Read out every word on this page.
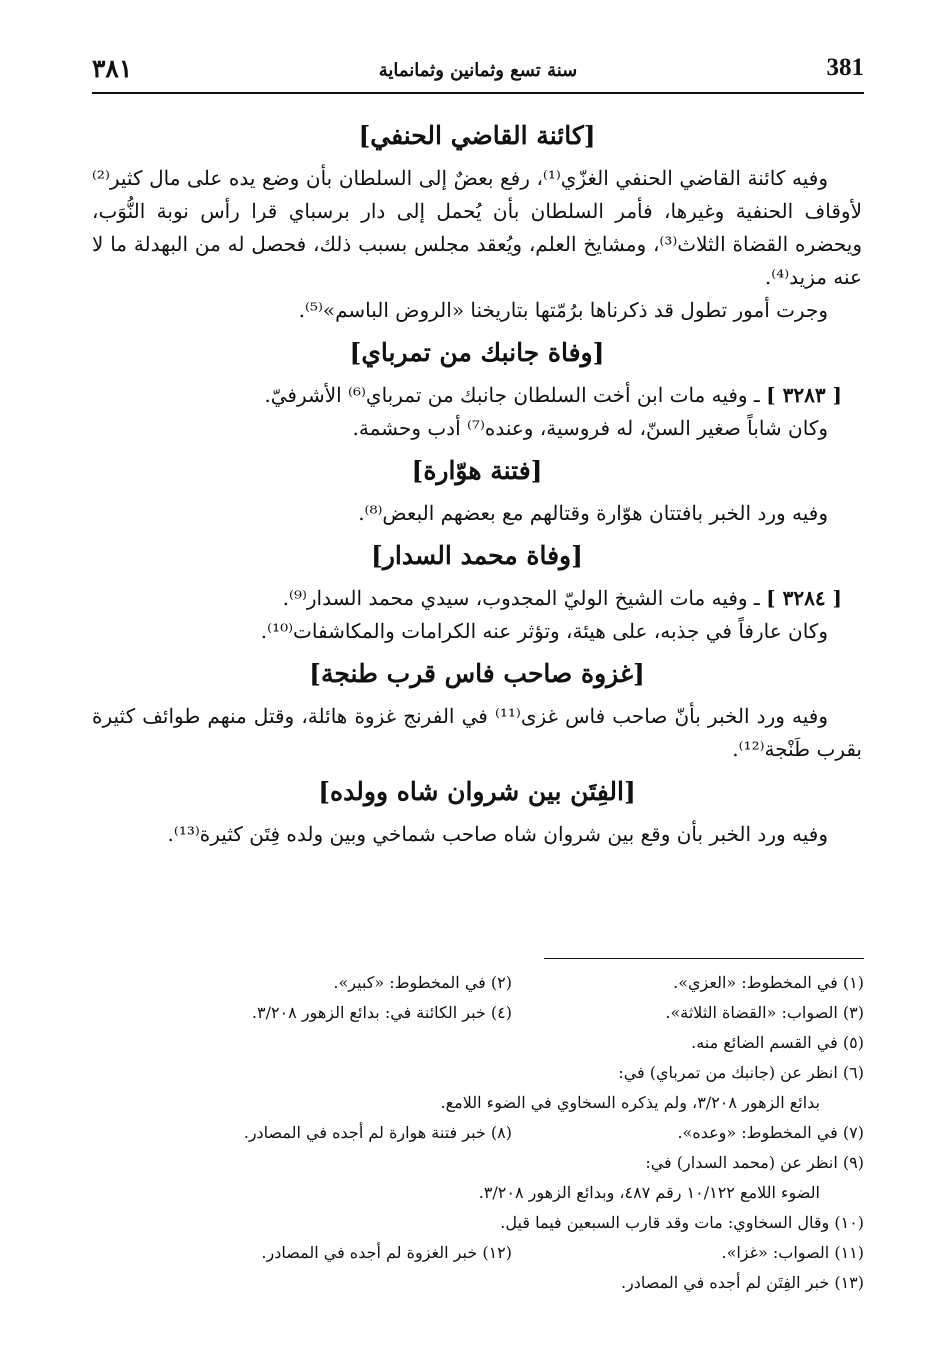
381
سنة تسع وثمانين وثمانماية
٣٨١
[كائنة القاضي الحنفي]

وفيه كائنة القاضي الحنفي الغزّي⁽¹⁾، رفع بعضٌ إلى السلطان بأن وضع يده على مال كثير⁽²⁾ لأوقاف الحنفية وغيرها، فأمر السلطان بأن يُحمل إلى دار برسباي قرا رأس نوبة النُّوَب، ويحضره القضاة الثلاث⁽³⁾، ومشايخ العلم، ويُعقد مجلس بسبب ذلك، فحصل له من البهدلة ما لا عنه مزيد⁽⁴⁾.

وجرت أمور تطول قد ذكرناها برُمّتها بتاريخنا «الروض الباسم»⁽⁵⁾.

[وفاة جانبك من تمرباي]

[ ٣٢٨٣ ] ـ وفيه مات ابن أخت السلطان جانبك من تمرباي⁽⁶⁾ الأشرفيّ.

وكان شاباً صغير السنّ، له فروسية، وعنده⁽⁷⁾ أدب وحشمة.

[فتنة هوّارة]

وفيه ورد الخبر بافتتان هوّارة وقتالهم مع بعضهم البعض⁽⁸⁾.

[وفاة محمد السدار]

[ ٣٢٨٤ ] ـ وفيه مات الشيخ الوليّ المجدوب، سيدي محمد السدار⁽⁹⁾.

وكان عارفاً في جذبه، على هيئة، وتؤثر عنه الكرامات والمكاشفات⁽¹⁰⁾.

[غزوة صاحب فاس قرب طنجة]

وفيه ورد الخبر بأنّ صاحب فاس غزى⁽¹¹⁾ في الفرنج غزوة هائلة، وقتل منهم طوائف كثيرة بقرب طَنْجة⁽¹²⁾.

[الفِتَن بين شروان شاه وولده]

وفيه ورد الخبر بأن وقع بين شروان شاه صاحب شماخي وبين ولده فِتَن كثيرة⁽¹³⁾.

(١) في المخطوط: «العزي».
(٢) في المخطوط: «كبير».
(٣) الصواب: «القضاة الثلاثة».
(٤) خبر الكائنة في: بدائع الزهور ٣/٢٠٨.
(٥) في القسم الضائع منه.
(٦) انظر عن (جانبك من تمرباي) في:
بدائع الزهور ٣/٢٠٨، ولم يذكره السخاوي في الضوء اللامع.
(٧) في المخطوط: «وعده».
(٨) خبر فتنة هوارة لم أجده في المصادر.
(٩) انظر عن (محمد السدار) في:
الضوء اللامع ١٠/١٢٢ رقم ٤٨٧، وبدائع الزهور ٣/٢٠٨.
(١٠) وقال السخاوي: مات وقد قارب السبعين فيما قيل.
(١١) الصواب: «غزا».
(١٢) خبر الغزوة لم أجده في المصادر.
(١٣) خبر الفِتَن لم أجده في المصادر.
